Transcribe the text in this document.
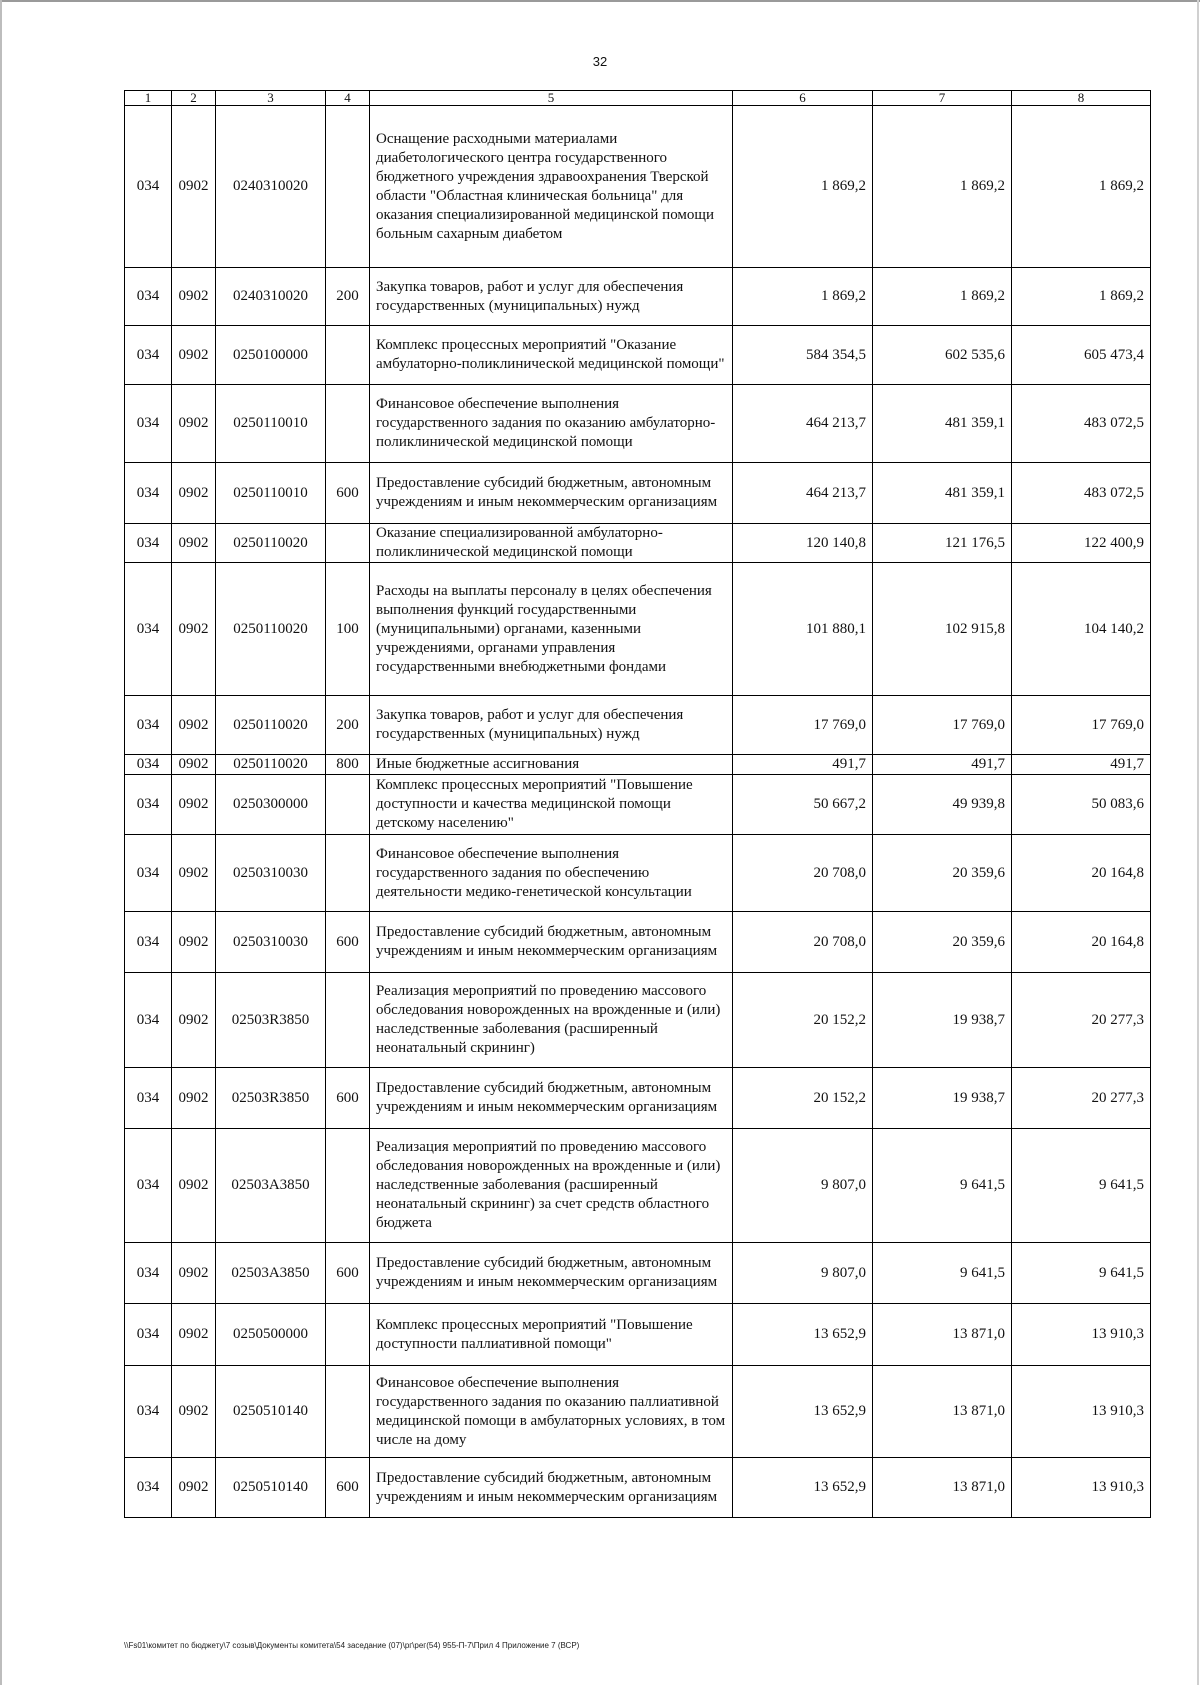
32
1	2	3	4	5	6	7	8
034	0902	0240310020		Оснащение расходными материалами диабетологического центра государственного бюджетного учреждения здравоохранения Тверской области "Областная клиническая больница" для оказания специализированной медицинской помощи больным сахарным диабетом	1 869,2	1 869,2	1 869,2
034	0902	0240310020	200	Закупка товаров, работ и услуг для обеспечения государственных (муниципальных) нужд	1 869,2	1 869,2	1 869,2
034	0902	0250100000		Комплекс процессных мероприятий "Оказание амбулаторно-поликлинической медицинской помощи"	584 354,5	602 535,6	605 473,4
034	0902	0250110010		Финансовое обеспечение выполнения государственного задания по оказанию амбулаторно-поликлинической медицинской помощи	464 213,7	481 359,1	483 072,5
034	0902	0250110010	600	Предоставление субсидий бюджетным, автономным учреждениям и иным некоммерческим организациям	464 213,7	481 359,1	483 072,5
034	0902	0250110020		Оказание специализированной амбулаторно-поликлинической медицинской помощи	120 140,8	121 176,5	122 400,9
034	0902	0250110020	100	Расходы на выплаты персоналу в целях обеспечения выполнения функций государственными (муниципальными) органами, казенными учреждениями, органами управления государственными внебюджетными фондами	101 880,1	102 915,8	104 140,2
034	0902	0250110020	200	Закупка товаров, работ и услуг для обеспечения государственных (муниципальных) нужд	17 769,0	17 769,0	17 769,0
034	0902	0250110020	800	Иные бюджетные ассигнования	491,7	491,7	491,7
034	0902	0250300000		Комплекс процессных мероприятий "Повышение доступности и качества медицинской помощи детскому населению"	50 667,2	49 939,8	50 083,6
034	0902	0250310030		Финансовое обеспечение выполнения государственного задания по обеспечению деятельности медико-генетической консультации	20 708,0	20 359,6	20 164,8
034	0902	0250310030	600	Предоставление субсидий бюджетным, автономным учреждениям и иным некоммерческим организациям	20 708,0	20 359,6	20 164,8
034	0902	02503R3850		Реализация мероприятий по проведению массового обследования новорожденных на врожденные и (или) наследственные заболевания (расширенный неонатальный скрининг)	20 152,2	19 938,7	20 277,3
034	0902	02503R3850	600	Предоставление субсидий бюджетным, автономным учреждениям и иным некоммерческим организациям	20 152,2	19 938,7	20 277,3
034	0902	02503A3850		Реализация мероприятий по проведению массового обследования новорожденных на врожденные и (или) наследственные заболевания (расширенный неонатальный скрининг) за счет средств областного бюджета	9 807,0	9 641,5	9 641,5
034	0902	02503A3850	600	Предоставление субсидий бюджетным, автономным учреждениям и иным некоммерческим организациям	9 807,0	9 641,5	9 641,5
034	0902	0250500000		Комплекс процессных мероприятий "Повышение доступности паллиативной помощи"	13 652,9	13 871,0	13 910,3
034	0902	0250510140		Финансовое обеспечение выполнения государственного задания по оказанию паллиативной медицинской помощи в амбулаторных условиях, в том числе на дому	13 652,9	13 871,0	13 910,3
034	0902	0250510140	600	Предоставление субсидий бюджетным, автономным учреждениям и иным некоммерческим организациям	13 652,9	13 871,0	13 910,3
\\Fs01\комитет по бюджету\7 созыв\Документы комитета\54 заседание (07)\рг\рег(54) 955-П-7\Прил 4 Приложение 7 (ВСР)
